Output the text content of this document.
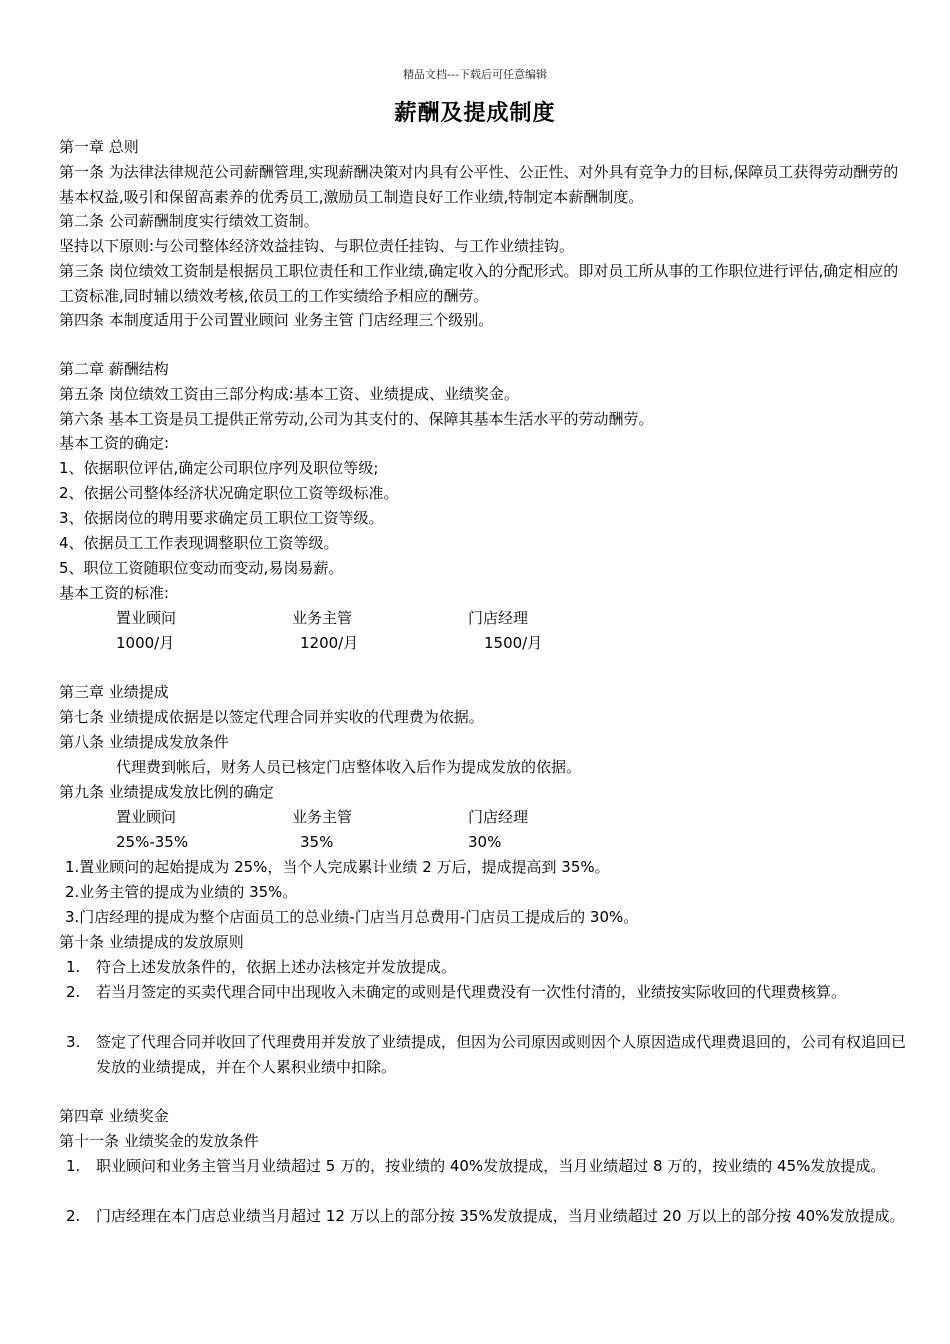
精品文档---下载后可任意编辑
薪酬及提成制度
第一章 总则
第一条 为法律法律规范公司薪酬管理,实现薪酬决策对内具有公平性、公正性、对外具有竞争力的目标,保障员工获得劳动酬劳的基本权益,吸引和保留高素养的优秀员工,激励员工制造良好工作业绩,特制定本薪酬制度。
第二条 公司薪酬制度实行绩效工资制。
坚持以下原则:与公司整体经济效益挂钩、与职位责任挂钩、与工作业绩挂钩。
第三条 岗位绩效工资制是根据员工职位责任和工作业绩,确定收入的分配形式。即对员工所从事的工作职位进行评估,确定相应的工资标准,同时辅以绩效考核,依员工的工作实绩给予相应的酬劳。
第四条 本制度适用于公司置业顾问 业务主管 门店经理三个级别。
第二章 薪酬结构
第五条 岗位绩效工资由三部分构成:基本工资、业绩提成、业绩奖金。
第六条 基本工资是员工提供正常劳动,公司为其支付的、保障其基本生活水平的劳动酬劳。
基本工资的确定:
1、依据职位评估,确定公司职位序列及职位等级;
2、依据公司整体经济状况确定职位工资等级标准。
3、依据岗位的聘用要求确定员工职位工资等级。
4、依据员工工作表现调整职位工资等级。
5、职位工资随职位变动而变动,易岗易薪。
基本工资的标准:
置业顾问	业务主管	门店经理
1000/月	1200/月	1500/月
第三章 业绩提成
第七条 业绩提成依据是以签定代理合同并实收的代理费为依据。
第八条 业绩提成发放条件
代理费到帐后，财务人员已核定门店整体收入后作为提成发放的依据。
第九条 业绩提成发放比例的确定
置业顾问	业务主管	门店经理
25%-35%	35%	30%
1.置业顾问的起始提成为 25%，当个人完成累计业绩 2 万后，提成提高到 35%。
2.业务主管的提成为业绩的 35%。
3.门店经理的提成为整个店面员工的总业绩-门店当月总费用-门店员工提成后的 30%。
第十条 业绩提成的发放原则
1.	符合上述发放条件的，依据上述办法核定并发放提成。
2.	若当月签定的买卖代理合同中出现收入未确定的或则是代理费没有一次性付清的，业绩按实际收回的代理费核算。
3.	签定了代理合同并收回了代理费用并发放了业绩提成，但因为公司原因或则因个人原因造成代理费退回的，公司有权追回已发放的业绩提成，并在个人累积业绩中扣除。
第四章 业绩奖金
第十一条 业绩奖金的发放条件
1.	职业顾问和业务主管当月业绩超过 5 万的，按业绩的 40%发放提成，当月业绩超过 8 万的，按业绩的 45%发放提成。
2.	门店经理在本门店总业绩当月超过 12 万以上的部分按 35%发放提成，当月业绩超过 20 万以上的部分按 40%发放提成。
